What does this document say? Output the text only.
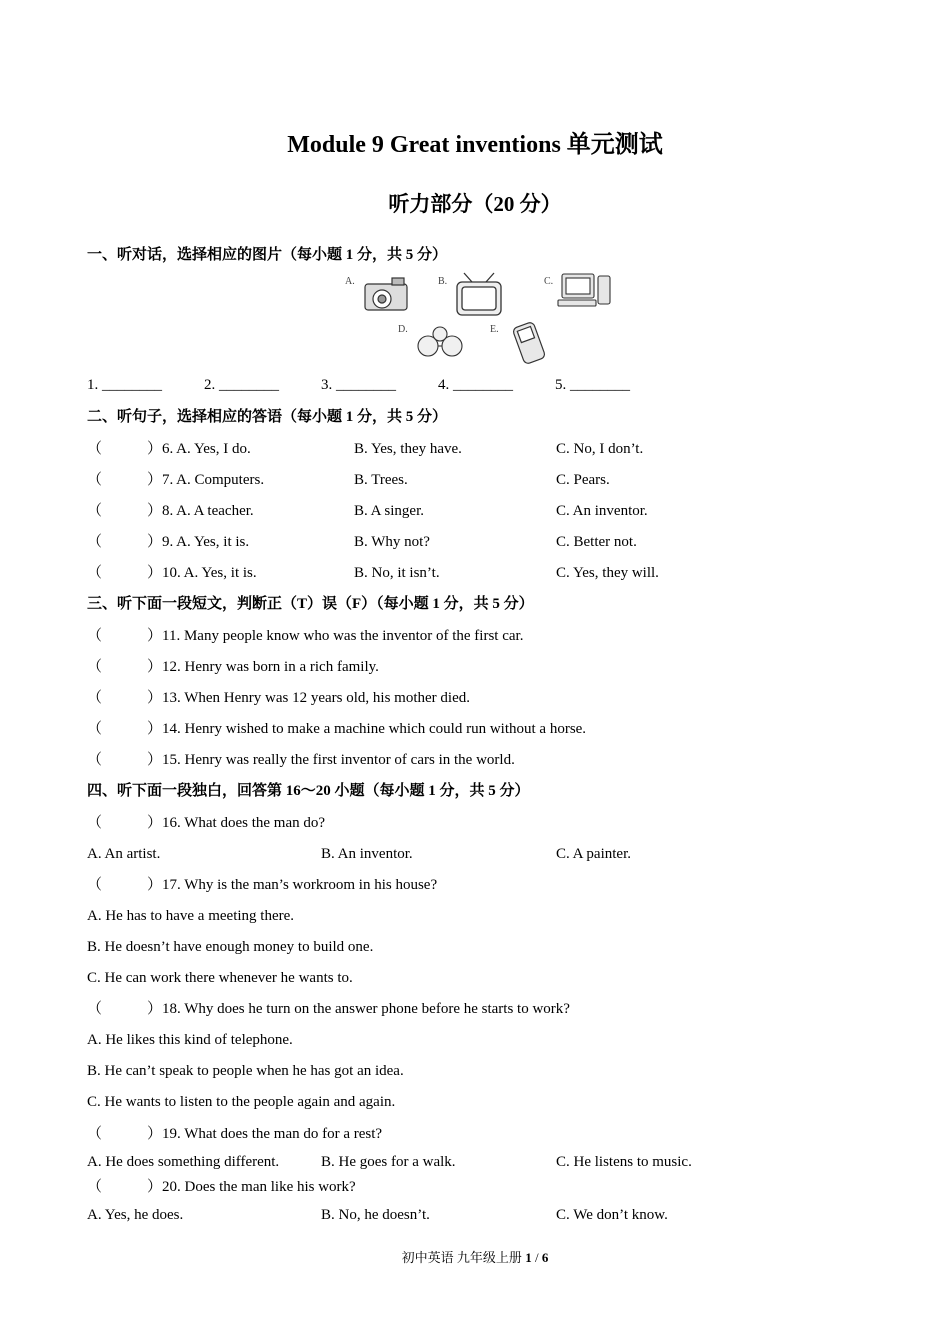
Module 9 Great inventions 单元测试
听力部分（20 分）
一、听对话，选择相应的图片（每小题 1 分，共 5 分）
A.	B.	C.
D.	E.
1. ________	2. ________	3. ________	4. ________	5. ________
二、听句子，选择相应的答语（每小题 1 分，共 5 分）
（	）6. A. Yes, I do.	B. Yes, they have.	C. No, I don’t.
（	）7. A. Computers.	B. Trees.	C. Pears.
（	）8. A. A teacher.	B. A singer.	C. An inventor.
（	）9. A. Yes, it is.	B. Why not?	C. Better not.
（	）10. A. Yes, it is.	B. No, it isn’t.	C. Yes, they will.
三、听下面一段短文，判断正（T）误（F）（每小题 1 分，共 5 分）
（	）11. Many people know who was the inventor of the first car.
（	）12. Henry was born in a rich family.
（	）13. When Henry was 12 years old, his mother died.
（	）14. Henry wished to make a machine which could run without a horse.
（	）15. Henry was really the first inventor of cars in the world.
四、听下面一段独白，回答第 16～20 小题（每小题 1 分，共 5 分）
（	）16. What does the man do?
A. An artist.	B. An inventor.	C. A painter.
（	）17. Why is the man’s workroom in his house?
A. He has to have a meeting there.
B. He doesn’t have enough money to build one.
C. He can work there whenever he wants to.
（	）18. Why does he turn on the answer phone before he starts to work?
A. He likes this kind of telephone.
B. He can’t speak to people when he has got an idea.
C. He wants to listen to the people again and again.
（	）19. What does the man do for a rest?
A. He does something different.	B. He goes for a walk.	C. He listens to music.
（	）20. Does the man like his work?
A. Yes, he does.	B. No, he doesn’t.	C. We don’t know.
初中英语 九年级上册 1 / 6
